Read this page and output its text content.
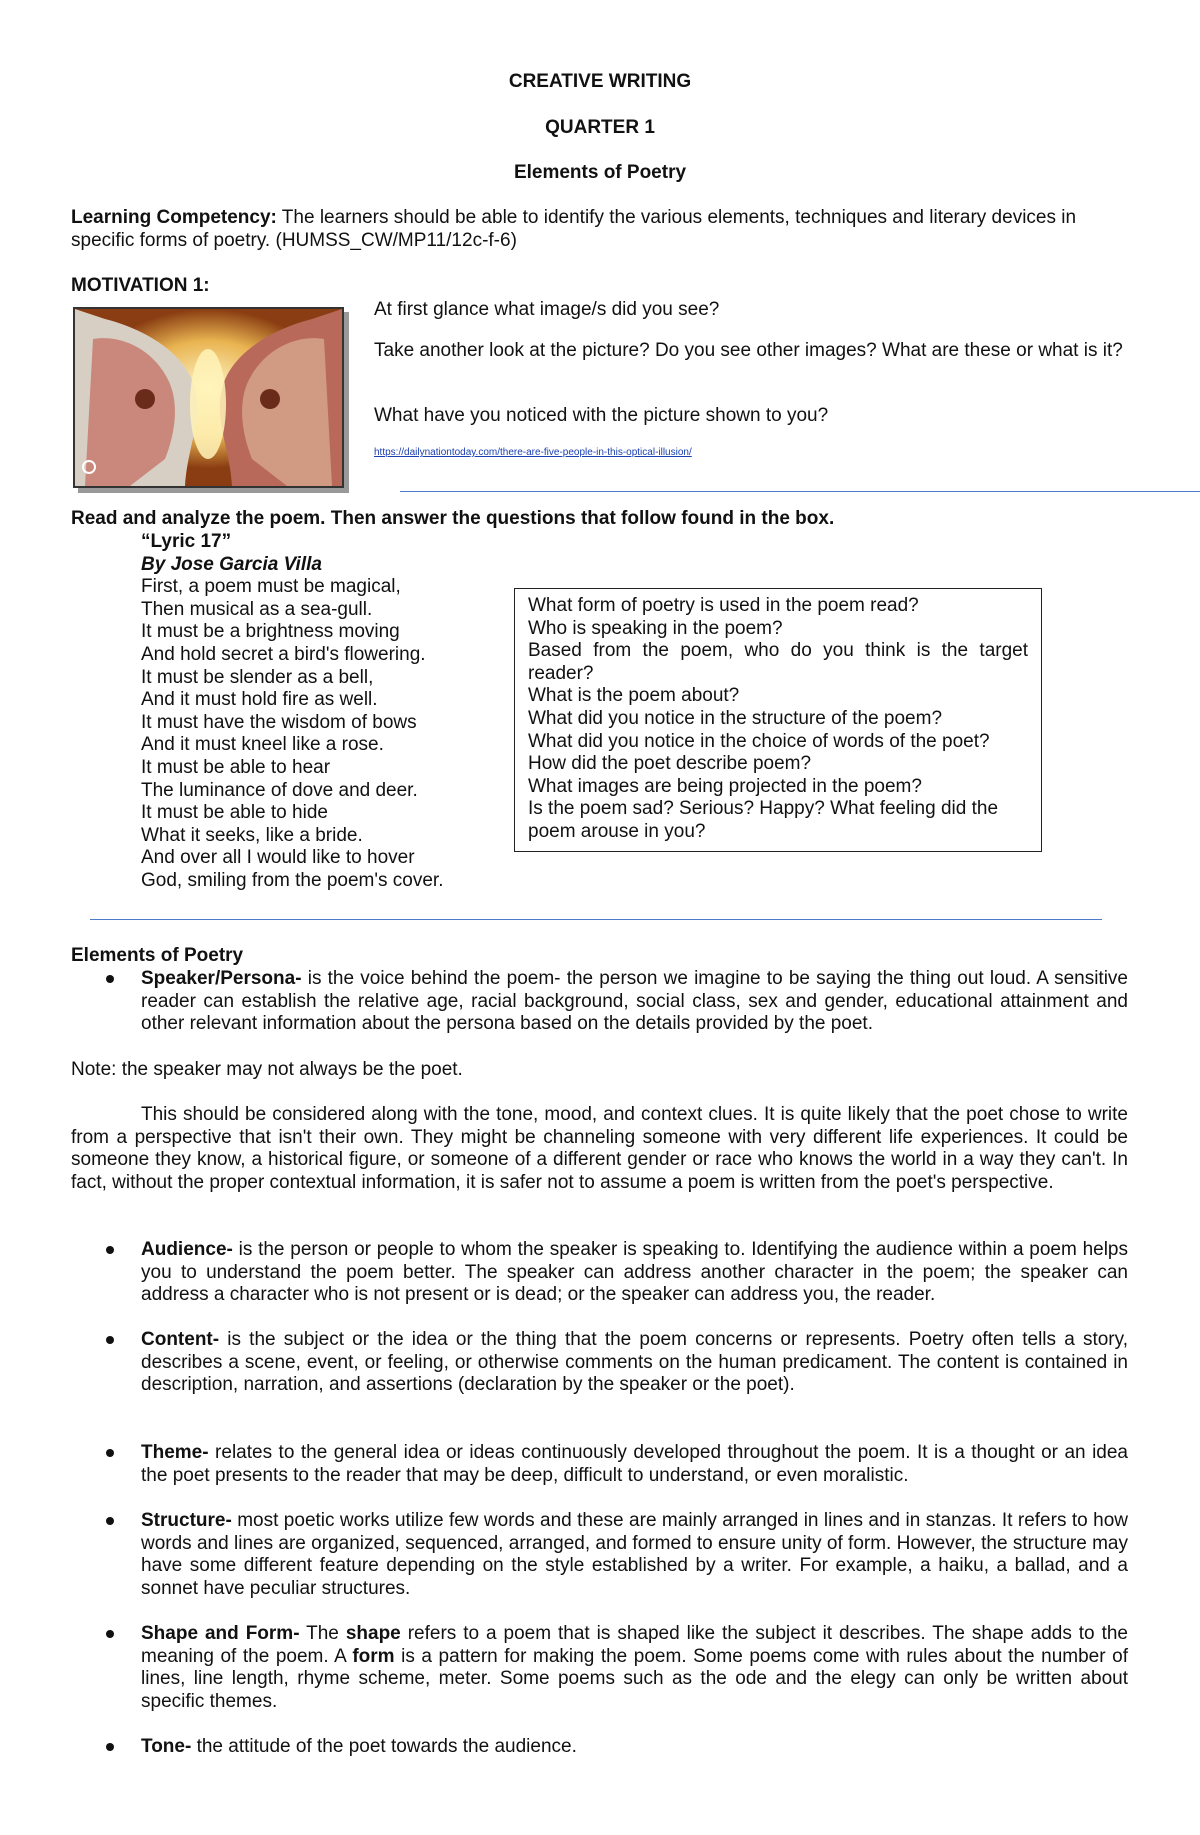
CREATIVE WRITING
QUARTER 1
Elements of Poetry
Learning Competency: The learners should be able to identify the various elements, techniques and literary devices in specific forms of poetry. (HUMSS_CW/MP11/12c-f-6)
MOTIVATION 1:
At first glance what image/s did you see?
Take another look at the picture? Do you see other images? What are these or what is it?
What have you noticed with the picture shown to you?
https://dailynationtoday.com/there-are-five-people-in-this-optical-illusion/
Read and analyze the poem. Then answer the questions that follow found in the box.
“Lyric 17”
By Jose Garcia Villa
First, a poem must be magical,
Then musical as a sea-gull.
It must be a brightness moving
And hold secret a bird's flowering.
It must be slender as a bell,
And it must hold fire as well.
It must have the wisdom of bows
And it must kneel like a rose.
It must be able to hear
The luminance of dove and deer.
It must be able to hide
What it seeks, like a bride.
And over all I would like to hover
God, smiling from the poem's cover.
What form of poetry is used in the poem read?
Who is speaking in the poem?
Based from the poem, who do you think is the target reader?
What is the poem about?
What did you notice in the structure of the poem?
What did you notice in the choice of words of the poet?
How did the poet describe poem?
What images are being projected in the poem?
Is the poem sad? Serious? Happy? What feeling did the poem arouse in you?
Elements of Poetry
Speaker/Persona- is the voice behind the poem- the person we imagine to be saying the thing out loud. A sensitive reader can establish the relative age, racial background, social class, sex and gender, educational attainment and other relevant information about the persona based on the details provided by the poet.
Note: the speaker may not always be the poet.
This should be considered along with the tone, mood, and context clues. It is quite likely that the poet chose to write from a perspective that isn't their own. They might be channeling someone with very different life experiences. It could be someone they know, a historical figure, or someone of a different gender or race who knows the world in a way they can't. In fact, without the proper contextual information, it is safer not to assume a poem is written from the poet's perspective.
Audience- is the person or people to whom the speaker is speaking to. Identifying the audience within a poem helps you to understand the poem better. The speaker can address another character in the poem; the speaker can address a character who is not present or is dead; or the speaker can address you, the reader.
Content- is the subject or the idea or the thing that the poem concerns or represents. Poetry often tells a story, describes a scene, event, or feeling, or otherwise comments on the human predicament. The content is contained in description, narration, and assertions (declaration by the speaker or the poet).
Theme- relates to the general idea or ideas continuously developed throughout the poem. It is a thought or an idea the poet presents to the reader that may be deep, difficult to understand, or even moralistic.
Structure- most poetic works utilize few words and these are mainly arranged in lines and in stanzas. It refers to how words and lines are organized, sequenced, arranged, and formed to ensure unity of form. However, the structure may have some different feature depending on the style established by a writer. For example, a haiku, a ballad, and a sonnet have peculiar structures.
Shape and Form- The shape refers to a poem that is shaped like the subject it describes. The shape adds to the meaning of the poem. A form is a pattern for making the poem. Some poems come with rules about the number of lines, line length, rhyme scheme, meter. Some poems such as the ode and the elegy can only be written about specific themes.
Tone- the attitude of the poet towards the audience.
